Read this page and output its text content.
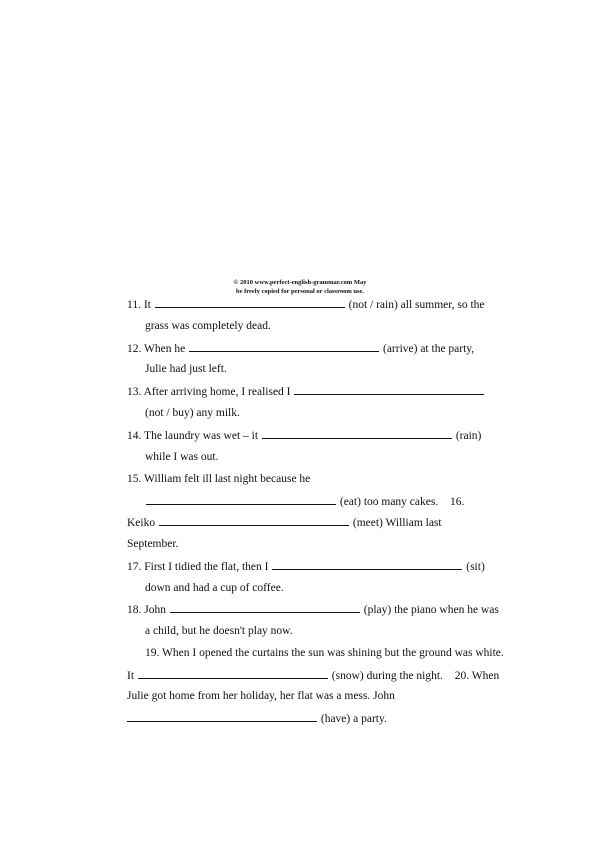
© 2010 www.perfect-english-grammar.com May
be freely copied for personal or classroom use.
11. It	(not / rain) all summer, so the
grass was completely dead.
12. When he	(arrive) at the party,
Julie had just left.
13. After arriving home, I realised I
(not / buy) any milk.
14. The laundry was wet – it	(rain)
while I was out.
15. William felt ill last night because he
(eat) too many cakes. 16.
Keiko	(meet) William last
September.
17. First I tidied the flat, then I	(sit)
down and had a cup of coffee.
18. John	(play) the piano when he was
a child, but he doesn't play now.
19. When I opened the curtains the sun was shining but the ground was white.
It	(snow) during the night. 20. When
Julie got home from her holiday, her flat was a mess. John
(have) a party.
